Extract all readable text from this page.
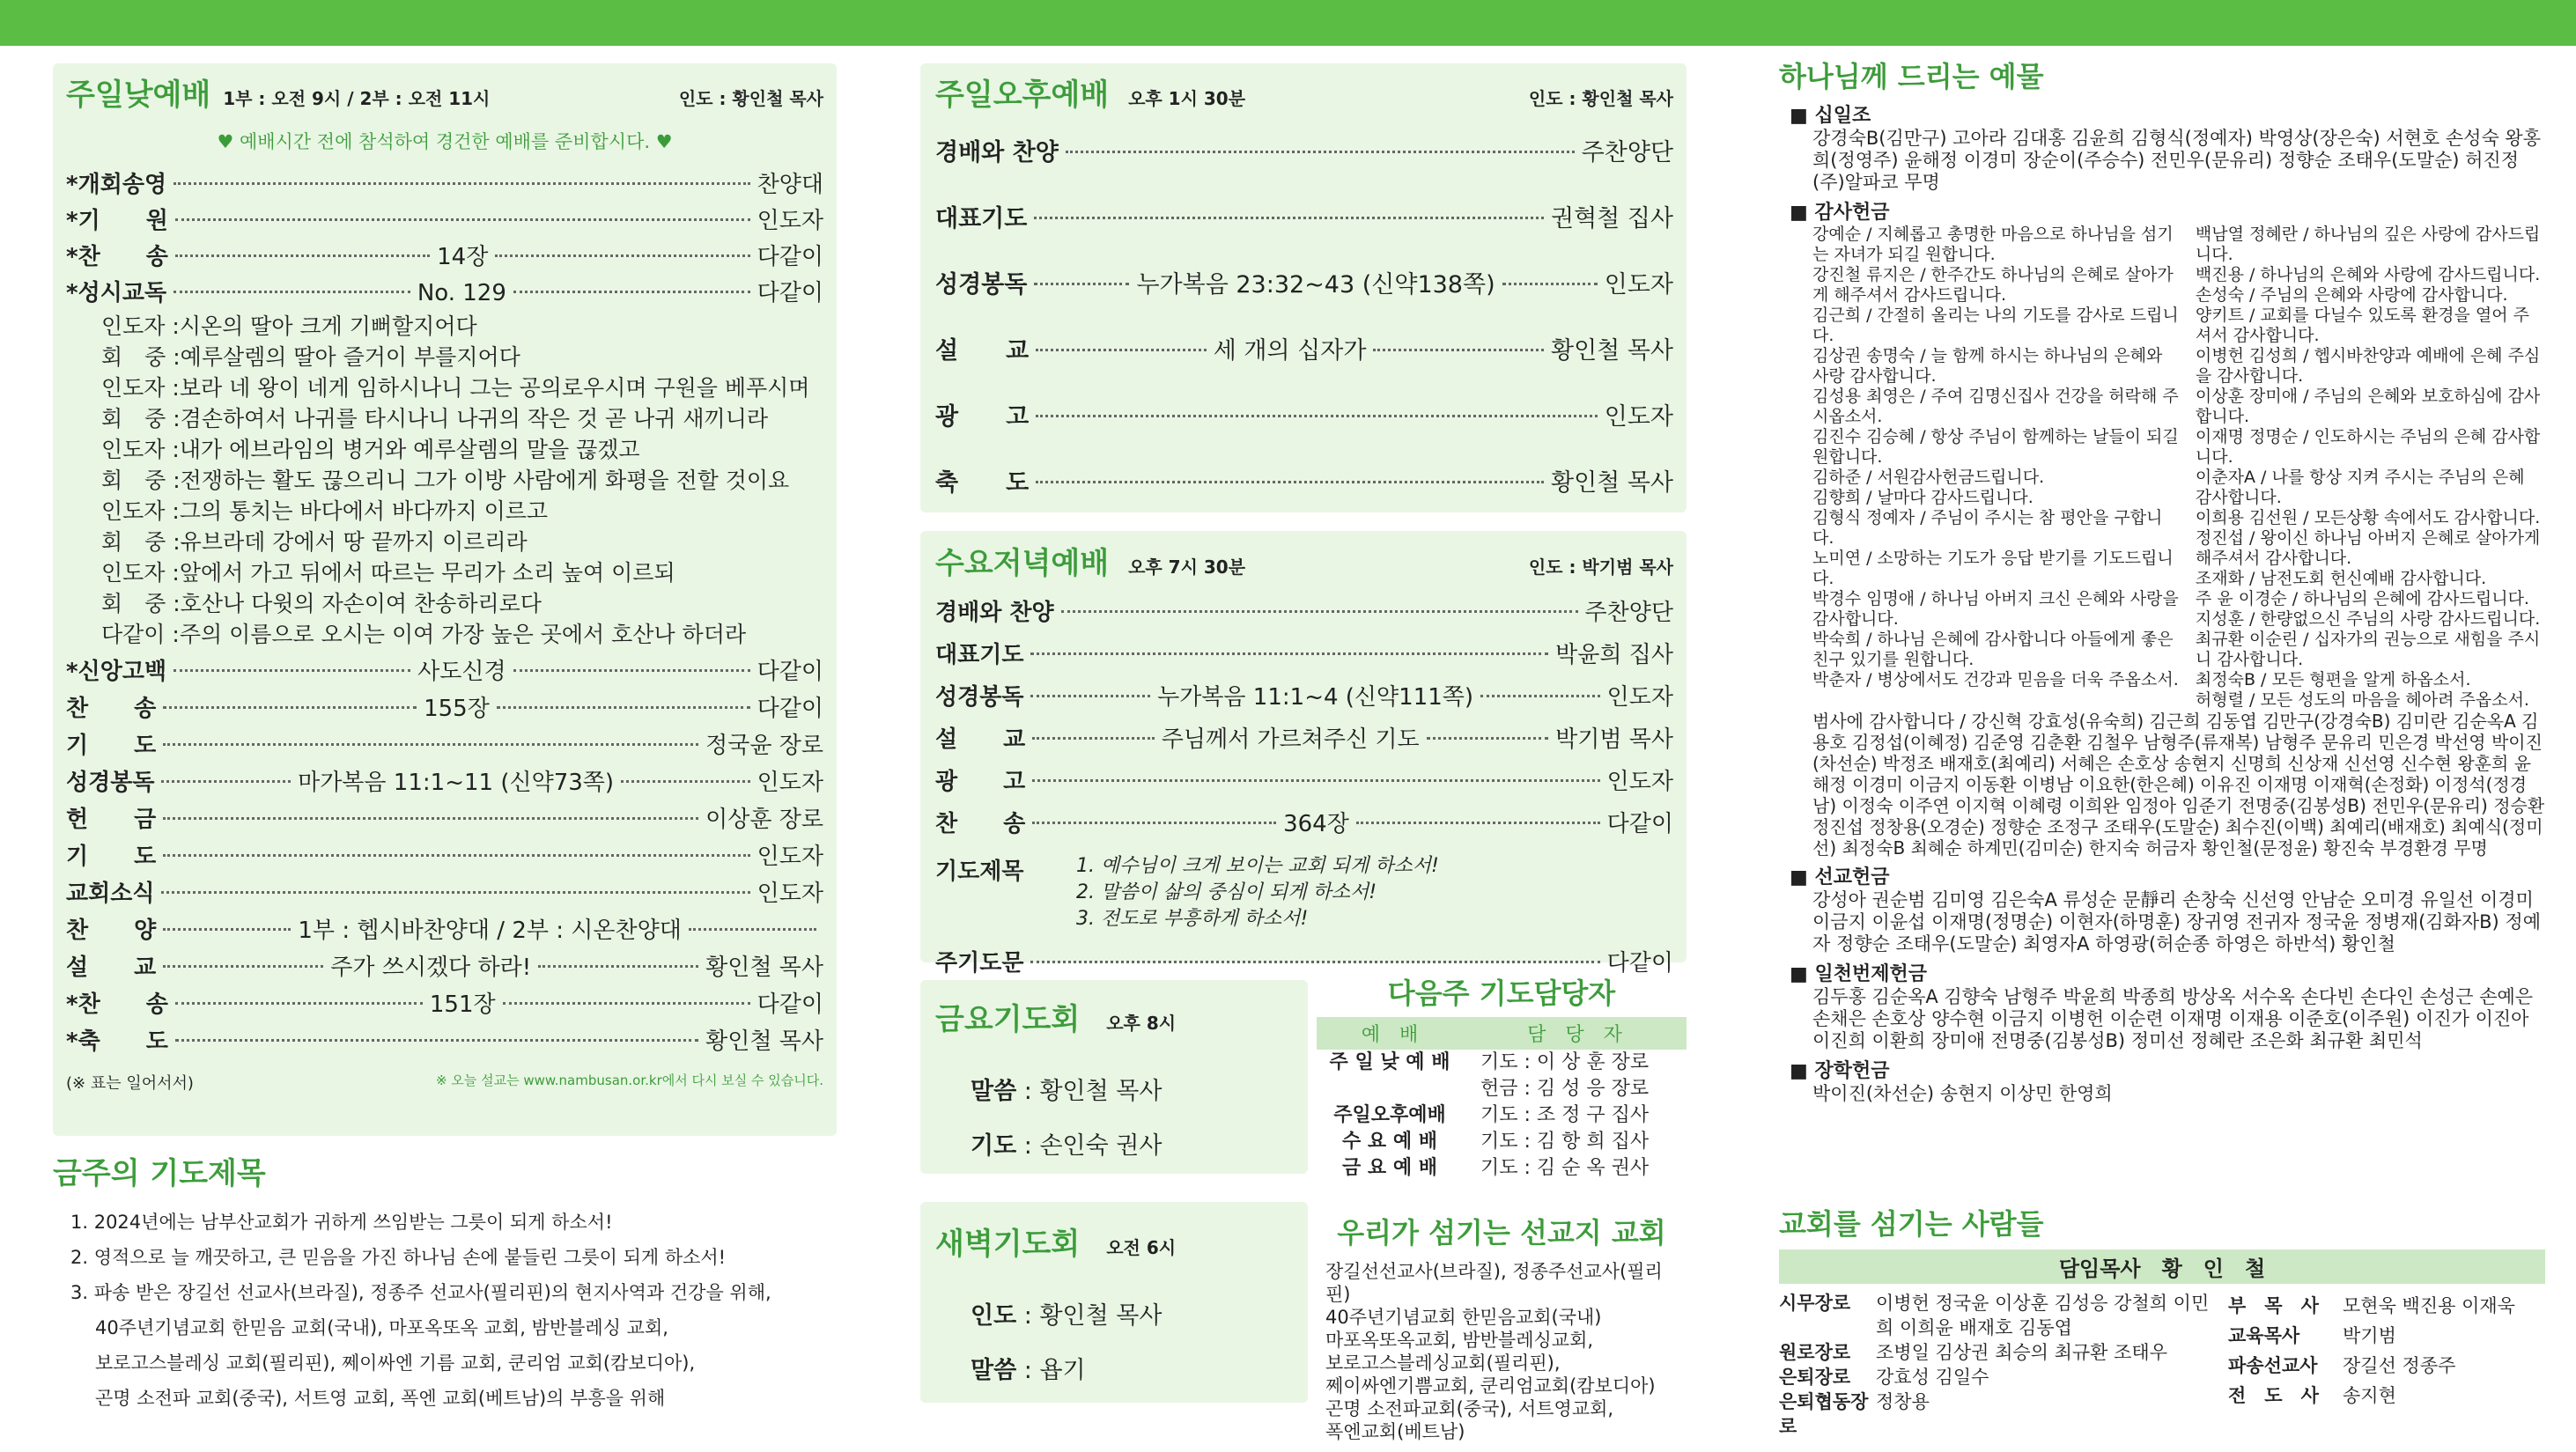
주일낮예배 1부 : 오전 9시 / 2부 : 오전 11시	인도 : 황인철 목사
♥ 예배시간 전에 참석하여 경건한 예배를 준비합시다. ♥
*개회송영	찬양대
*기　　원	인도자
*찬　　송	14장	다같이
*성시교독	No. 129	다같이
인도자 : 시온의 딸아 크게 기뻐할지어다
회　중 : 예루살렘의 딸아 즐거이 부를지어다
인도자 : 보라 네 왕이 네게 임하시나니 그는 공의로우시며 구원을 베푸시며
회　중 : 겸손하여서 나귀를 타시나니 나귀의 작은 것 곧 나귀 새끼니라
인도자 : 내가 에브라임의 병거와 예루살렘의 말을 끊겠고
회　중 : 전쟁하는 활도 끊으리니 그가 이방 사람에게 화평을 전할 것이요
인도자 : 그의 통치는 바다에서 바다까지 이르고
회　중 : 유브라데 강에서 땅 끝까지 이르리라
인도자 : 앞에서 가고 뒤에서 따르는 무리가 소리 높여 이르되
회　중 : 호산나 다윗의 자손이여 찬송하리로다
다같이 : 주의 이름으로 오시는 이여 가장 높은 곳에서 호산나 하더라
*신앙고백	사도신경	다같이
찬　　송	155장	다같이
기　　도	정국윤 장로
성경봉독	마가복음 11:1~11 (신약73쪽)	인도자
헌　　금	이상훈 장로
기　　도	인도자
교회소식	인도자
찬　　양	1부 : 헵시바찬양대 / 2부 : 시온찬양대
설　　교	주가 쓰시겠다 하라!	황인철 목사
*찬　　송	151장	다같이
*축　　도	황인철 목사
(※ 표는 일어서서)	※ 오늘 설교는 www.nambusan.or.kr에서 다시 보실 수 있습니다.
금주의 기도제목
1. 2024년에는 남부산교회가 귀하게 쓰임받는 그릇이 되게 하소서!
2. 영적으로 늘 깨끗하고, 큰 믿음을 가진 하나님 손에 붙들린 그릇이 되게 하소서!
3. 파송 받은 장길선 선교사(브라질), 정종주 선교사(필리핀)의 현지사역과 건강을 위해,
40주년기념교회 한믿음 교회(국내), 마포옥또옥 교회, 밤반블레싱 교회,
보로고스블레싱 교회(필리핀), 쩨이싸엔 기름 교회, 쿤리엄 교회(캄보디아),
곤명 소전파 교회(중국), 서트영 교회, 폭엔 교회(베트남)의 부흥을 위해
주일오후예배 오후 1시 30분	인도 : 황인철 목사
경배와 찬양	주찬양단
대표기도	권혁철 집사
성경봉독	누가복음 23:32~43 (신약138쪽)	인도자
설　　교	세 개의 십자가	황인철 목사
광　　고	인도자
축　　도	황인철 목사
수요저녁예배 오후 7시 30분	인도 : 박기범 목사
경배와 찬양	주찬양단
대표기도	박윤희 집사
성경봉독	누가복음 11:1~4 (신약111쪽)	인도자
설　　교	주님께서 가르쳐주신 기도	박기범 목사
광　　고	인도자
찬　　송	364장	다같이
기도제목	1. 예수님이 크게 보이는 교회 되게 하소서!
2. 말씀이 삶의 중심이 되게 하소서!
3. 전도로 부흥하게 하소서!
주기도문	다같이
금요기도회 오후 8시
말씀 : 황인철 목사
기도 : 손인숙 권사
새벽기도회 오전 6시
인도 : 황인철 목사
말씀 : 욥기
다음주 기도담당자
예　배	담　당　자
주 일 낮 예 배	기도 : 이 상 훈 장로
헌금 : 김 성 응 장로

주일오후예배	기도 : 조 정 구 집사

수 요 예 배	기도 : 김 항 희 집사

금 요 예 배	기도 : 김 순 옥 권사
우리가 섬기는 선교지 교회
장길선선교사(브라질), 정종주선교사(필리핀)
40주년기념교회 한믿음교회(국내)
마포옥또옥교회, 밤반블레싱교회,
보로고스블레싱교회(필리핀),
쩨이싸엔기쁨교회, 쿤리엄교회(캄보디아)
곤명 소전파교회(중국), 서트영교회,
폭엔교회(베트남)
하나님께 드리는 예물
■ 십일조
강경숙B(김만구) 고아라 김대홍 김윤희 김형식(정예자) 박영상(장은숙) 서현호 손성숙 왕홍희(정영주) 윤해정 이경미 장순이(주승수) 전민우(문유리) 정향순 조태우(도말순) 허진정 (주)알파코 무명
■ 감사헌금
강예순 / 지혜롭고 총명한 마음으로 하나님을 섬기는 자녀가 되길 원합니다.
강진철 류지은 / 한주간도 하나님의 은혜로 살아가게 해주셔서 감사드립니다.
김근희 / 간절히 올리는 나의 기도를 감사로 드립니다.
김상권 송명숙 / 늘 함께 하시는 하나님의 은혜와 사랑 감사합니다.
김성용 최영은 / 주여 김명신집사 건강을 허락해 주시옵소서.
김진수 김승혜 / 항상 주님이 함께하는 날들이 되길 원합니다.
김하준 / 서원감사헌금드립니다.
김향희 / 날마다 감사드립니다.
김형식 정예자 / 주님이 주시는 참 평안을 구합니다.
노미연 / 소망하는 기도가 응답 받기를 기도드립니다.
박경수 임명애 / 하나님 아버지 크신 은혜와 사랑을 감사합니다.
박숙희 / 하나님 은혜에 감사합니다 아들에게 좋은 친구 있기를 원합니다.
박춘자 / 병상에서도 건강과 믿음을 더욱 주옵소서.
백남열 정혜란 / 하나님의 깊은 사랑에 감사드립니다.
백진용 / 하나님의 은혜와 사랑에 감사드립니다.
손성숙 / 주님의 은혜와 사랑에 감사합니다.
양키트 / 교회를 다닐수 있도록 환경을 열어 주셔서 감사합니다.
이병헌 김성희 / 헵시바찬양과 예배에 은혜 주심을 감사합니다.
이상훈 장미애 / 주님의 은혜와 보호하심에 감사합니다.
이재명 정명순 / 인도하시는 주님의 은혜 감사합니다.
이춘자A / 나를 항상 지켜 주시는 주님의 은혜 감사합니다.
이희용 김선원 / 모든상황 속에서도 감사합니다.
정진섭 / 왕이신 하나님 아버지 은혜로 살아가게 해주셔서 감사합니다.
조재화 / 남전도회 헌신예배 감사합니다.
주 윤 이경순 / 하나님의 은혜에 감사드립니다.
지성훈 / 한량없으신 주님의 사랑 감사드립니다.
최규환 이순린 / 십자가의 권능으로 새힘을 주시니 감사합니다.
최정숙B / 모든 형편을 알게 하옵소서.
허형렬 / 모든 성도의 마음을 헤아려 주옵소서.
범사에 감사합니다 / 강신혁 강효성(유숙희) 김근희 김동엽 김만구(강경숙B) 김미란 김순옥A 김용호 김정섭(이혜정) 김준영 김춘환 김철우 남형주(류재복) 남형주 문유리 민은경 박선영 박이진(차선순) 박정조 배재호(최예리) 서혜은 손호상 송현지 신명희 신상재 신선영 신수현 왕훈희 윤해정 이경미 이금지 이동환 이병남 이요한(한은혜) 이유진 이재명 이재혁(손정화) 이정석(정경남) 이정숙 이주연 이지혁 이혜령 이희완 임정아 임준기 전명중(김봉성B) 전민우(문유리) 정승환 정진섭 정창용(오경순) 정향순 조정구 조태우(도말순) 최수진(이백) 최예리(배재호) 최예식(정미선) 최정숙B 최혜순 하계민(김미순) 한지숙 허금자 황인철(문정윤) 황진숙 부경환경 무명
■ 선교헌금
강성아 권순범 김미영 김은숙A 류성순 문靜리 손창숙 신선영 안남순 오미경 유일선 이경미 이금지 이윤섭 이재명(정명순) 이현자(하명훈) 장귀영 전귀자 정국윤 정병재(김화자B) 정예자 정향순 조태우(도말순) 최영자A 하영광(허순종 하영은 하반석) 황인철
■ 일천번제헌금
김두홍 김순옥A 김향숙 남형주 박윤희 박종희 방상옥 서수옥 손다빈 손다인 손성근 손예은 손채은 손호상 양수현 이금지 이병헌 이순련 이재명 이재용 이준호(이주원) 이진가 이진아 이진희 이환희 장미애 전명중(김봉성B) 정미선 정혜란 조은화 최규환 최민석
■ 장학헌금
박이진(차선순) 송현지 이상민 한영희
교회를 섬기는 사람들
담임목사　황　인　철
시무장로	이병헌 정국윤 이상훈 김성응 강철희 이민희 이희윤 배재호 김동엽
원로장로	조병일 김상권 최승의 최규환 조태우
은퇴장로	강효성 김일수
은퇴협동장로
정창용
부　목　사	모현욱 백진용 이재욱
교육목사	박기범
파송선교사	장길선 정종주
전　도　사	송지현
